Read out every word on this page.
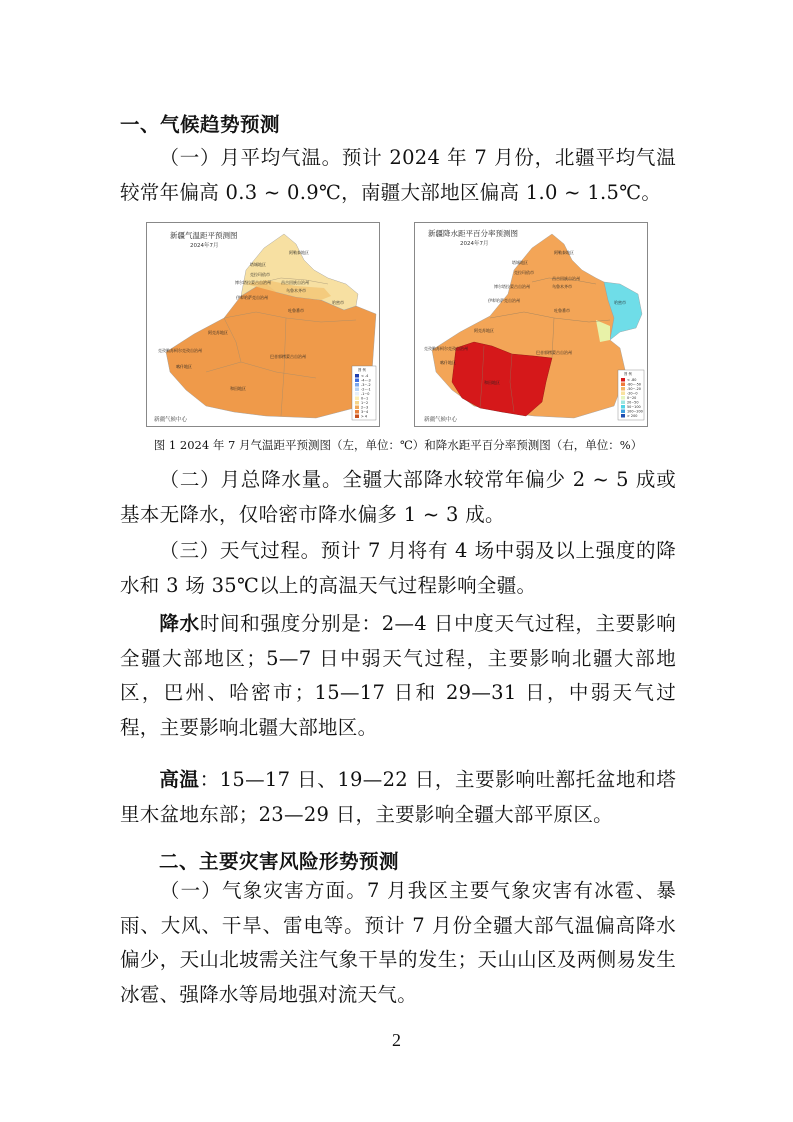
一、气候趋势预测
（一）月平均气温。预计 2024 年 7 月份，北疆平均气温较常年偏高 0.3 ~ 0.9℃，南疆大部地区偏高 1.0 ~ 1.5℃。
新疆气温距平预测图
2024年7月
阿勒泰地区
塔城地区
克拉玛依市
博尔塔拉蒙古自治州
伊犁哈萨克自治州
昌吉回族自治州
乌鲁木齐市
吐鲁番市
哈密市
巴音郭楞蒙古自治州
阿克苏地区
克孜勒苏柯尔克孜自治州
喀什地区
和田地区
图 例
< -4
-4~-3
-3~-2
-2~-1
-1~0
0~1
1~2
2~3
3~4
> 4
新疆气候中心
新疆降水距平百分率预测图
2024年7月
阿勒泰地区
塔城地区
克拉玛依市
博尔塔拉蒙古自治州
伊犁哈萨克自治州
昌吉回族自治州
乌鲁木齐市
吐鲁番市
哈密市
巴音郭楞蒙古自治州
阿克苏地区
克孜勒苏柯尔克孜自治州
喀什地区
和田地区
图 例
< -80
-80~-50
-50~-20
-20~0
0~20
20~50
50~100
100~200
> 200
新疆气候中心
图 1 2024 年 7 月气温距平预测图（左，单位：℃）和降水距平百分率预测图（右，单位：%）
（二）月总降水量。全疆大部降水较常年偏少 2 ~ 5 成或基本无降水，仅哈密市降水偏多 1 ~ 3 成。
（三）天气过程。预计 7 月将有 4 场中弱及以上强度的降水和 3 场 35℃以上的高温天气过程影响全疆。
降水时间和强度分别是：2—4 日中度天气过程，主要影响全疆大部地区；5—7 日中弱天气过程，主要影响北疆大部地区，巴州、哈密市；15—17 日和 29—31 日，中弱天气过程，主要影响北疆大部地区。
高温：15—17 日、19—22 日，主要影响吐鄯托盆地和塔里木盆地东部；23—29 日，主要影响全疆大部平原区。
二、主要灾害风险形势预测
（一）气象灾害方面。7 月我区主要气象灾害有冰雹、暴雨、大风、干旱、雷电等。预计 7 月份全疆大部气温偏高降水偏少，天山北坡需关注气象干旱的发生；天山山区及两侧易发生冰雹、强降水等局地强对流天气。
2
